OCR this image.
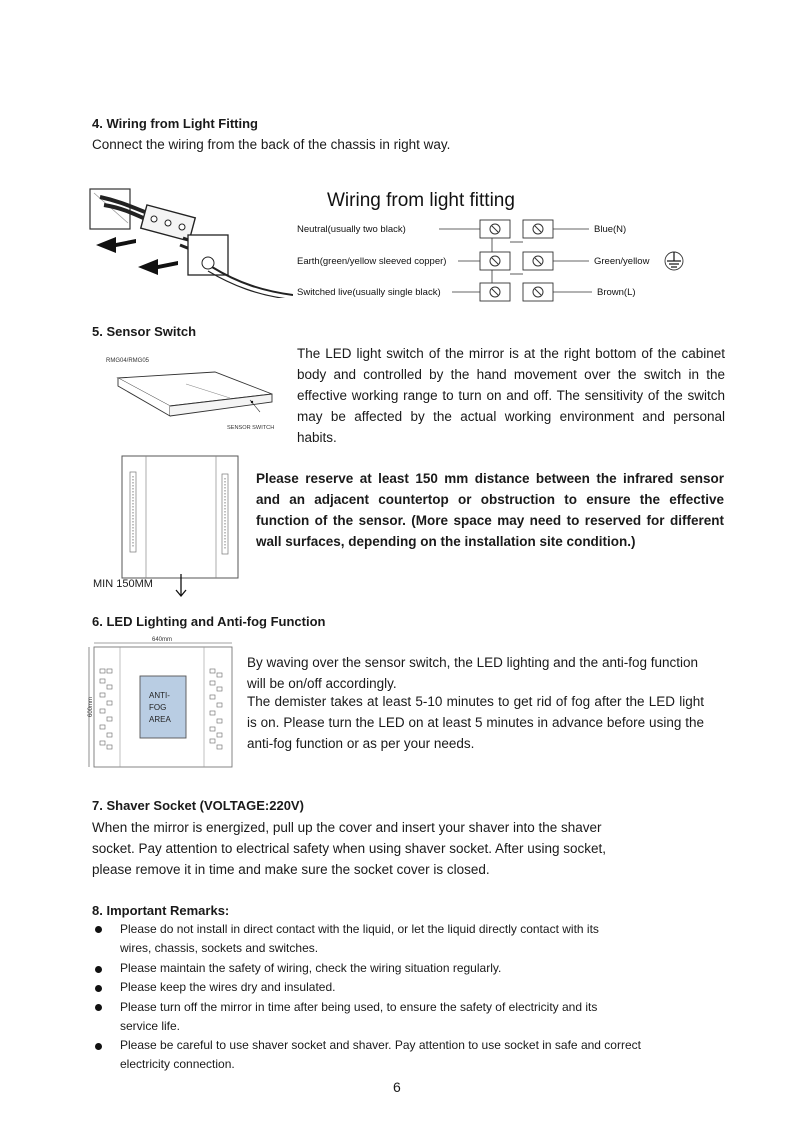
4. Wiring from Light Fitting
Connect the wiring from the back of the chassis in right way.
Wiring from light fitting
Neutral(usually two black)	Blue(N)
Earth(green/yellow sleeved copper)	Green/yellow
Switched live(usually single black)	Brown(L)
5. Sensor Switch
RMG04/RMG05
SENSOR SWITCH
The LED light switch of the mirror is at the right bottom of the cabinet body and controlled by the hand movement over the switch in the effective working range to turn on and off. The sensitivity of the switch may be affected by the actual working environment and personal habits.
Please reserve at least 150 mm distance between the infrared sensor and an adjacent countertop or obstruction to ensure the effective function of the sensor. (More space may need to reserved for different wall surfaces, depending on the installation site condition.)
MIN 150MM
6. LED Lighting and Anti-fog Function
640mm
600mm
ANTI-
FOG
AREA
By waving over the sensor switch, the LED lighting and the anti-fog function will be on/off accordingly.
The demister takes at least 5-10 minutes to get rid of fog after the LED light is on. Please turn the LED on at least 5 minutes in advance before using the anti-fog function or as per your needs.
7. Shaver Socket (VOLTAGE:220V)
When the mirror is energized, pull up the cover and insert your shaver into the shaver
socket. Pay attention to electrical safety when using shaver socket. After using socket,
please remove it in time and make sure the socket cover is closed.
8. Important Remarks:
Please do not install in direct contact with the liquid, or let the liquid directly contact with its
wires, chassis, sockets and switches.
Please maintain the safety of wiring, check the wiring situation regularly.
Please keep the wires dry and insulated.
Please turn off the mirror in time after being used, to ensure the safety of electricity and its
service life.
Please be careful to use shaver socket and shaver. Pay attention to use socket in safe and correct
electricity connection.
6
